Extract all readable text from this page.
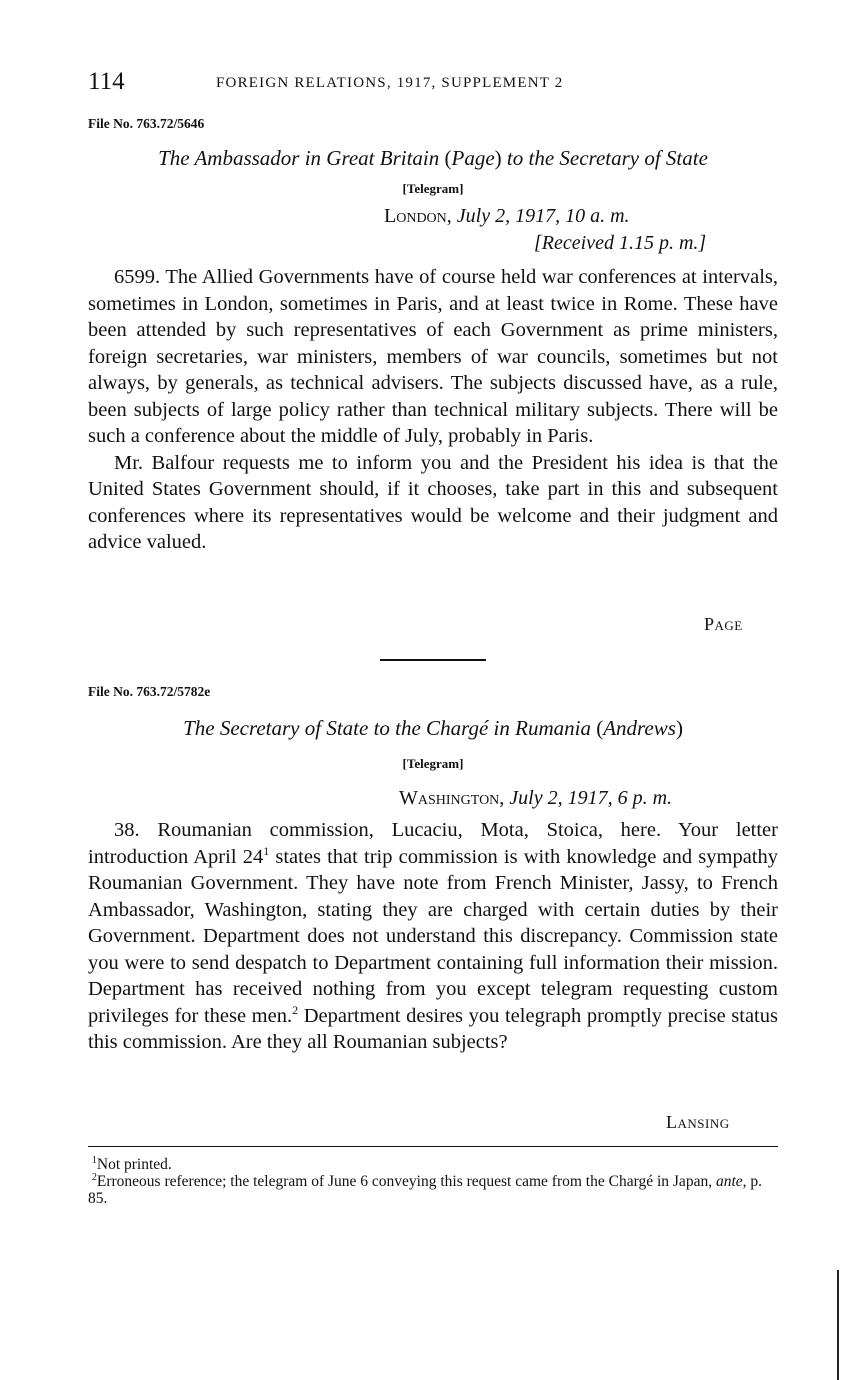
114	FOREIGN RELATIONS, 1917, SUPPLEMENT 2
File No. 763.72/5646
The Ambassador in Great Britain (Page) to the Secretary of State
[Telegram]
London, July 2, 1917, 10 a. m.
[Received 1.15 p. m.]

6599. The Allied Governments have of course held war conferences at intervals, sometimes in London, sometimes in Paris, and at least twice in Rome. These have been attended by such representatives of each Government as prime ministers, foreign secretaries, war ministers, members of war councils, sometimes but not always, by generals, as technical advisers. The subjects discussed have, as a rule, been subjects of large policy rather than technical military subjects. There will be such a conference about the middle of July, probably in Paris.

Mr. Balfour requests me to inform you and the President his idea is that the United States Government should, if it chooses, take part in this and subsequent conferences where its representatives would be welcome and their judgment and advice valued.

Page
File No. 763.72/5782e
The Secretary of State to the Chargé in Rumania (Andrews)
[Telegram]
Washington, July 2, 1917, 6 p. m.

38. Roumanian commission, Lucaciu, Mota, Stoica, here. Your letter introduction April $24^1$ states that trip commission is with knowledge and sympathy Roumanian Government. They have note from French Minister, Jassy, to French Ambassador, Washington, stating they are charged with certain duties by their Government. Department does not understand this discrepancy. Commission state you were to send despatch to Department containing full information their mission. Department has received nothing from you except telegram requesting custom privileges for these men.$^2$ Department desires you telegraph promptly precise status this commission. Are they all Roumanian subjects?

Lansing

   $^1$Not printed.

   $^2$Erroneous reference; the telegram of June 6 conveying this request came from the Chargé in Japan, ante, p. 85.
